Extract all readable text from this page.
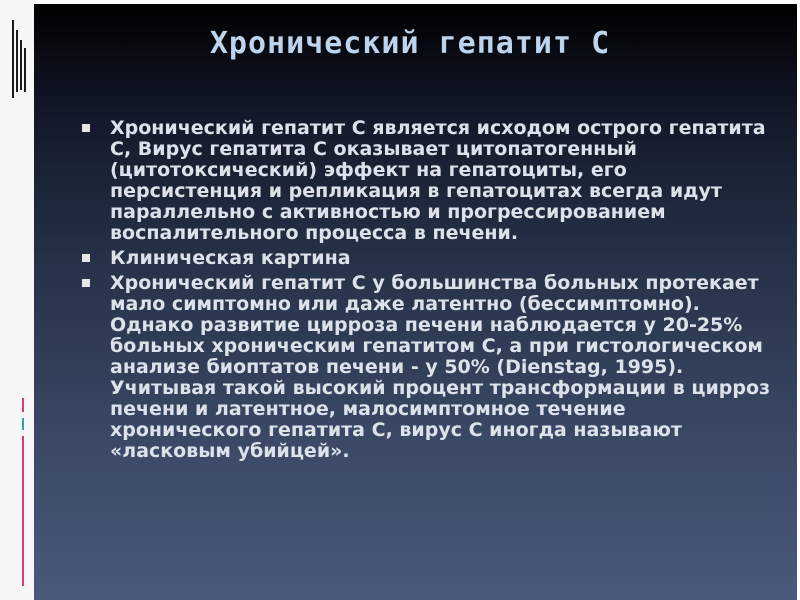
Хронический гепатит С
Хронический гепатит С является исходом острого гепатита С, Вирус гепатита С оказывает цитопатогенный (цитотоксический) эффект на гепатоциты, его персистенция и репликация в гепатоцитах всегда идут параллельно с активностью и прогрессированием воспалительного процесса в печени.
Клиническая картина
Хронический гепатит С у большинства больных протекает мало симптомно или даже латентно (бессимптомно). Однако развитие цирроза печени наблюдается у 20-25% больных хроническим гепатитом С, а при гистологическом анализе биоптатов печени - у 50% (Dienstag, 1995). Учитывая такой высокий процент трансформации в цирроз печени и латентное, малосимптомное течение хронического гепатита С, вирус С иногда называют «ласковым убийцей».
